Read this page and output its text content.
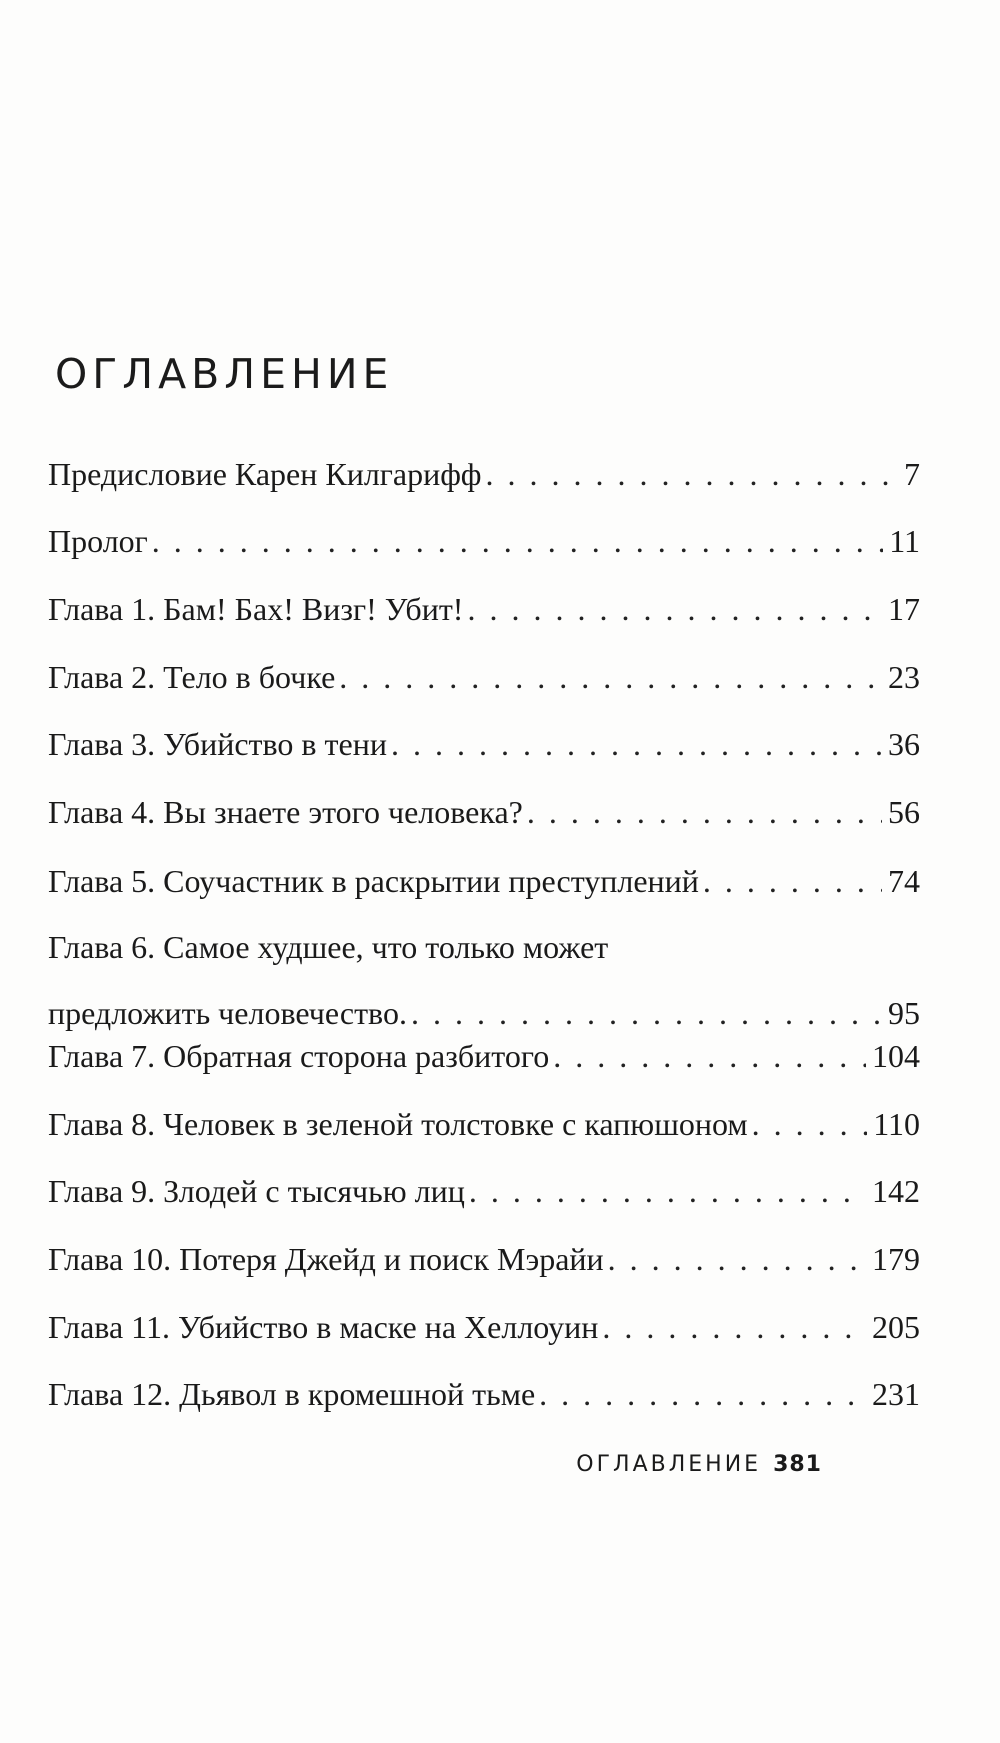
ОГЛАВЛЕНИЕ
Предисловие Карен Килгарифф . . .	7
Пролог . . .	11
Глава 1. Бам! Бах! Визг! Убит! . . .	17
Глава 2. Тело в бочке . . .	23
Глава 3. Убийство в тени . . .	36
Глава 4. Вы знаете этого человека? . . .	56
Глава 5. Соучастник в раскрытии преступлений . . .	74
Глава 6. Самое худшее, что только может
предложить человечество. . . .	95
Глава 7. Обратная сторона разбитого . . .	104
Глава 8. Человек в зеленой толстовке с капюшоном . . .	110
Глава 9. Злодей с тысячью лиц . . .	142
Глава 10. Потеря Джейд и поиск Мэрайи . . .	179
Глава 11. Убийство в маске на Хеллоуин . . .	205
Глава 12. Дьявол в кромешной тьме . . .	231
ОГЛАВЛЕНИЕ 381
